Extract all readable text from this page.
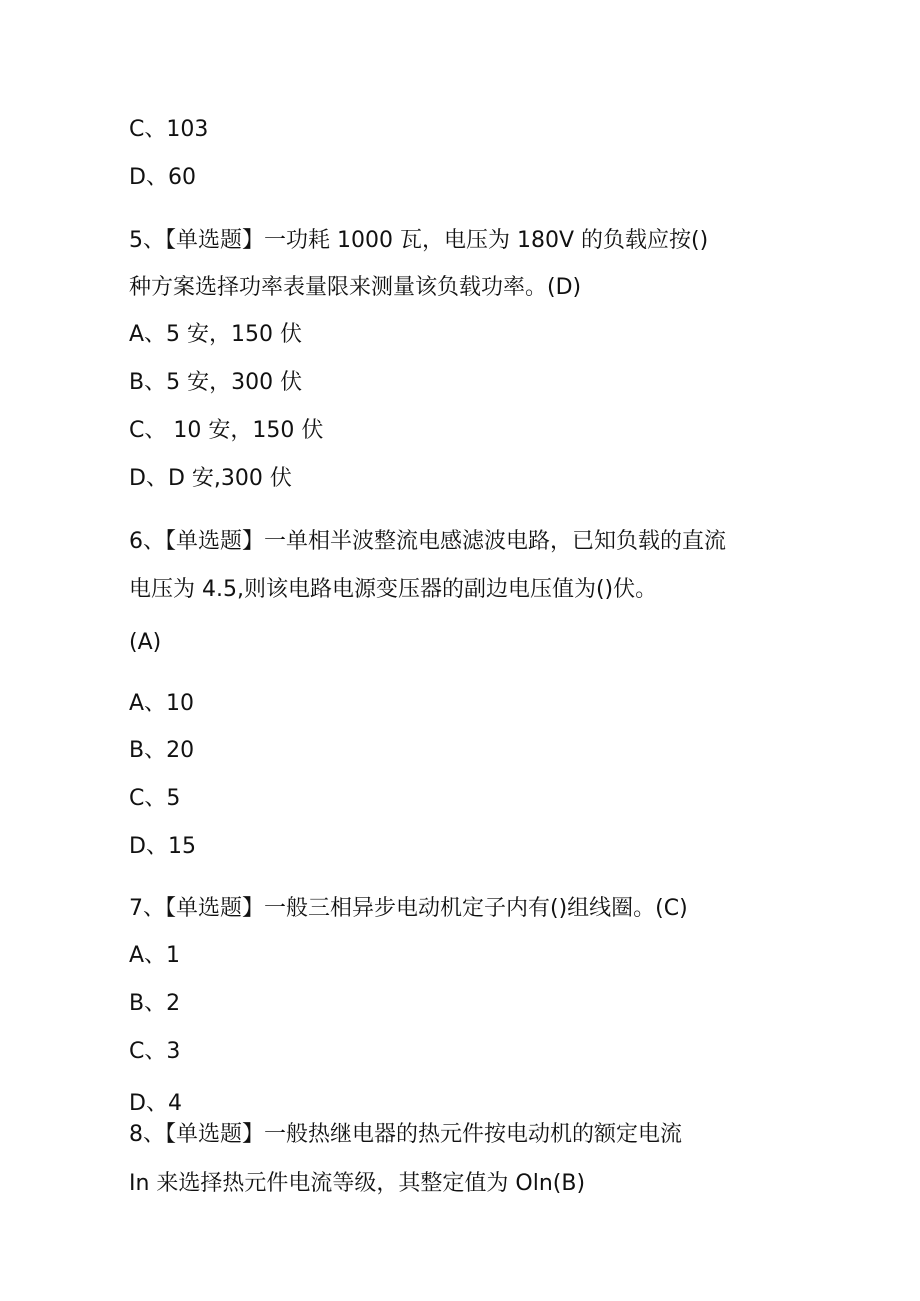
C、103

D、60

5、【单选题】一功耗 1000 瓦，电压为 180V 的负载应按()

种方案选择功率表量限来测量该负载功率。(D)

A、5 安，150 伏

B、5 安，300 伏

C、 10 安，150 伏

D、D 安,300 伏

6、【单选题】一单相半波整流电感滤波电路，已知负载的直流

电压为 4.5,则该电路电源变压器的副边电压值为()伏。

(A)

A、10

B、20

C、5

D、15

7、【单选题】一般三相异步电动机定子内有()组线圈。(C)

A、1

B、2

C、3

D、4

8、【单选题】一般热继电器的热元件按电动机的额定电流

In 来选择热元件电流等级，其整定值为 Oln(B)
